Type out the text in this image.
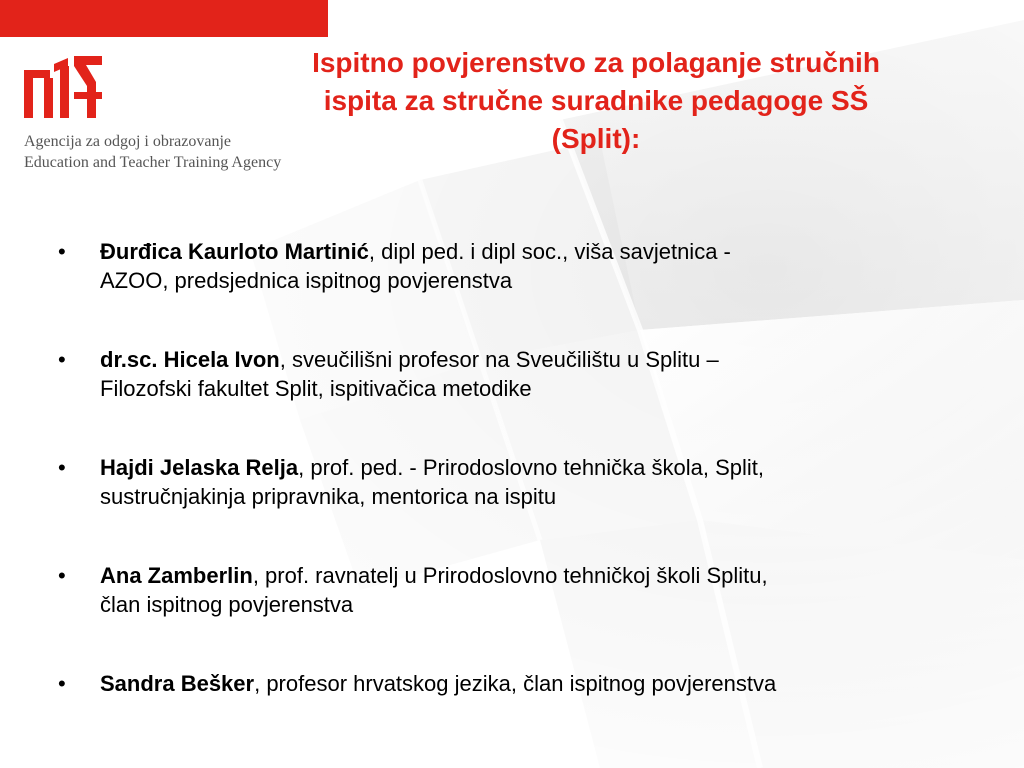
Agencija za odgoj i obrazovanje
Education and Teacher Training Agency
Ispitno povjerenstvo za polaganje stručnih
ispita za stručne suradnike pedagoge SŠ
(Split):
• Đurđica Kaurloto Martinić, dipl ped. i dipl soc., viša savjetnica -
AZOO, predsjednica ispitnog povjerenstva
• dr.sc. Hicela Ivon, sveučilišni profesor na Sveučilištu u Splitu –
Filozofski fakultet Split, ispitivačica metodike
• Hajdi Jelaska Relja, prof. ped. - Prirodoslovno tehnička škola, Split,
sustručnjakinja pripravnika, mentorica na ispitu
• Ana Zamberlin, prof. ravnatelj u Prirodoslovno tehničkoj školi Splitu,
član ispitnog povjerenstva
• Sandra Bešker, profesor hrvatskog jezika, član ispitnog povjerenstva
